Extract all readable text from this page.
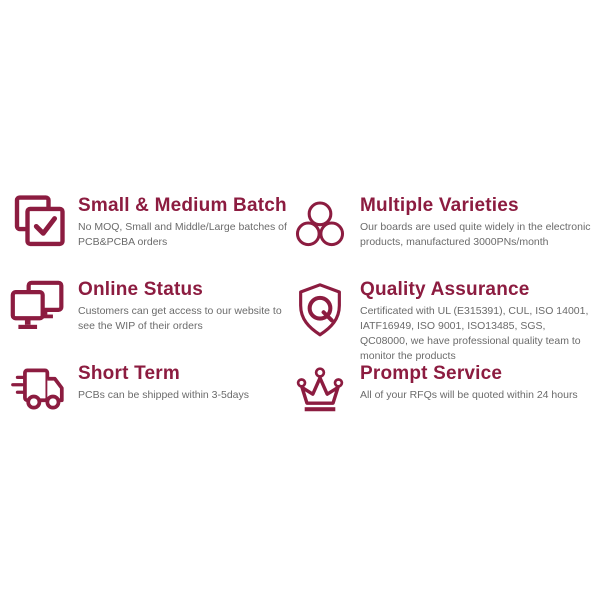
Small & Medium Batch

No MOQ, Small and Middle/Large batches of PCB&PCBA orders

Multiple Varieties

Our boards are used quite widely in the electronic products, manufactured 3000PNs/month

Online Status

Customers can get access to our website to see the WIP of their orders

Quality Assurance

Certificated with UL (E315391), CUL, ISO 14001, IATF16949, ISO 9001, ISO13485, SGS, QC08000, we have professional quality team to monitor the products

Short Term

PCBs can be shipped within 3-5days

Prompt Service

All of your RFQs will be quoted within 24 hours
